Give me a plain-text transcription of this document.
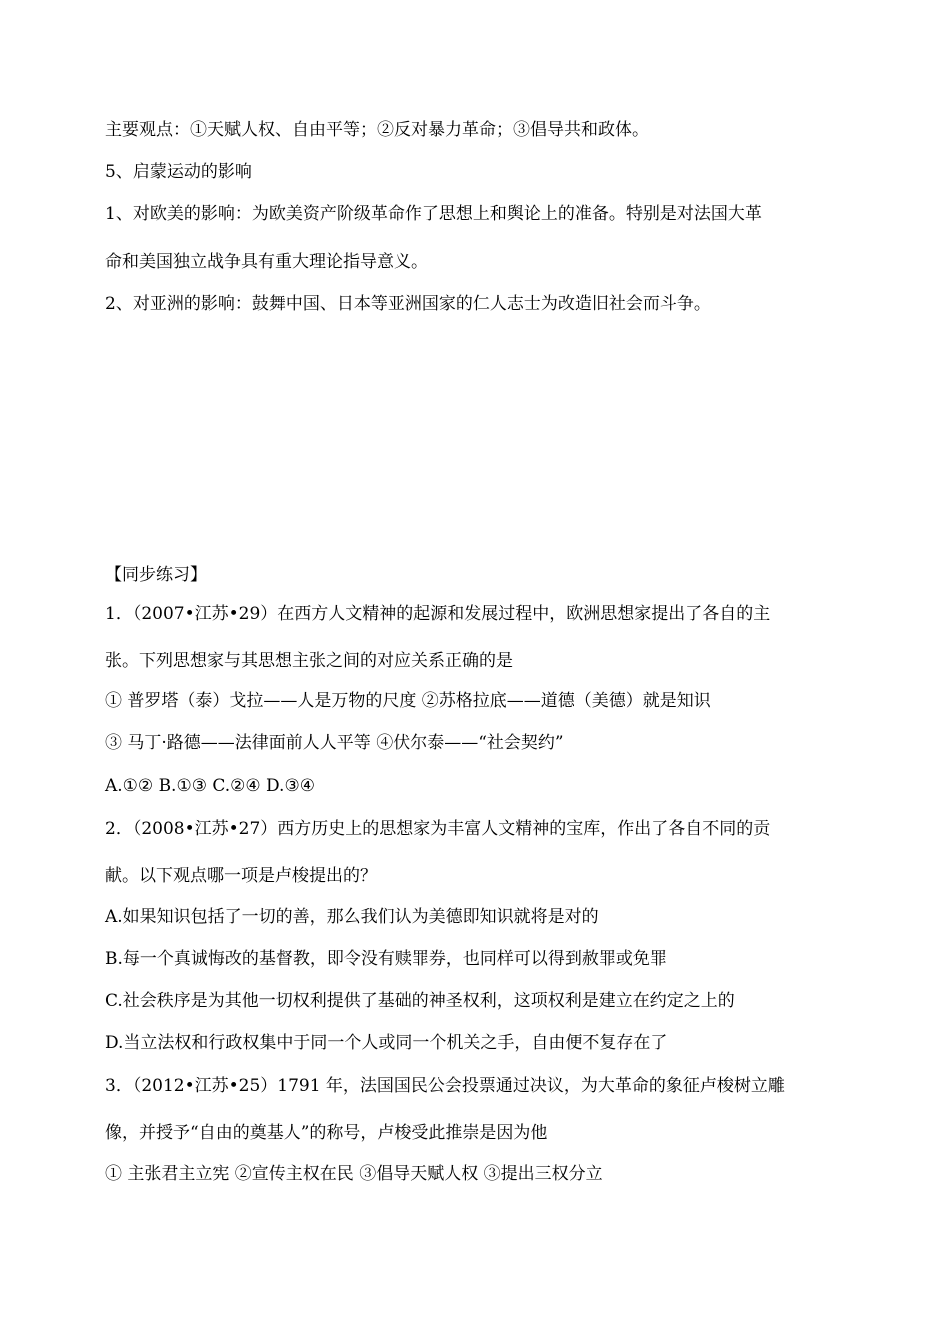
主要观点：①天赋人权、自由平等；②反对暴力革命；③倡导共和政体。
5、启蒙运动的影响
1、对欧美的影响：为欧美资产阶级革命作了思想上和舆论上的准备。特别是对法国大革
命和美国独立战争具有重大理论指导意义。
2、对亚洲的影响：鼓舞中国、日本等亚洲国家的仁人志士为改造旧社会而斗争。
【同步练习】
1．（2007•江苏•29）在西方人文精神的起源和发展过程中，欧洲思想家提出了各自的主
张。下列思想家与其思想主张之间的对应关系正确的是
① 普罗塔（泰）戈拉——人是万物的尺度 ②苏格拉底——道德（美德）就是知识
③ 马丁·路德——法律面前人人平等 ④伏尔泰——“社会契约”
A.①② B.①③ C.②④ D.③④
2．（2008•江苏•27）西方历史上的思想家为丰富人文精神的宝库，作出了各自不同的贡
献。以下观点哪一项是卢梭提出的？
A.如果知识包括了一切的善，那么我们认为美德即知识就将是对的
B.每一个真诚悔改的基督教，即令没有赎罪券，也同样可以得到赦罪或免罪
C.社会秩序是为其他一切权利提供了基础的神圣权利，这项权利是建立在约定之上的
D.当立法权和行政权集中于同一个人或同一个机关之手，自由便不复存在了
3．（2012•江苏•25）1791 年，法国国民公会投票通过决议，为大革命的象征卢梭树立雕
像，并授予“自由的奠基人”的称号，卢梭受此推崇是因为他
① 主张君主立宪 ②宣传主权在民 ③倡导天赋人权 ③提出三权分立
